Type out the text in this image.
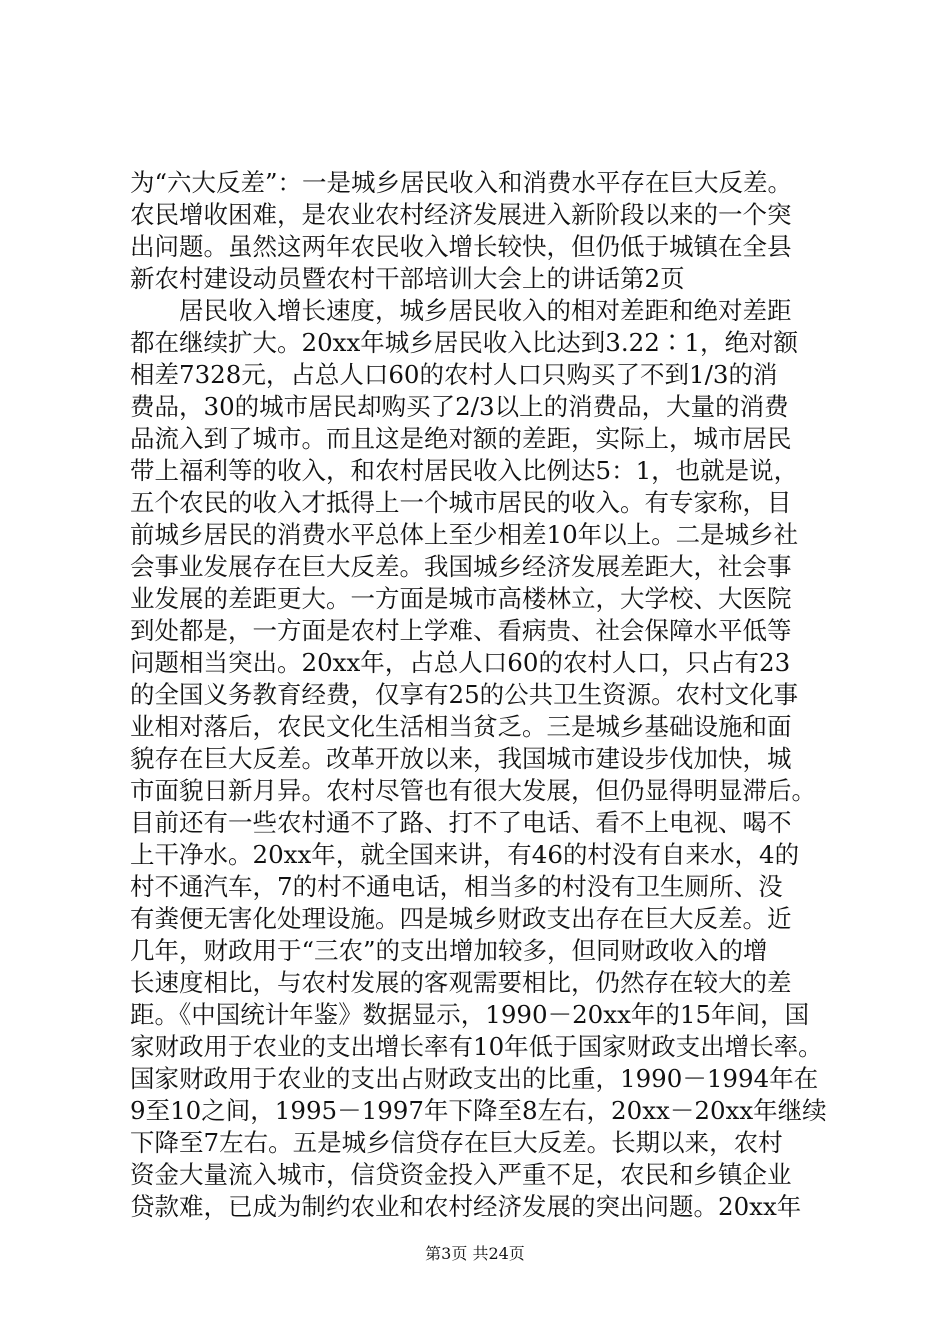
为“六大反差”：一是城乡居民收入和消费水平存在巨大反差。

农民增收困难，是农业农村经济发展进入新阶段以来的一个突

出问题。虽然这两年农民收入增长较快，但仍低于城镇在全县

新农村建设动员暨农村干部培训大会上的讲话第2页

　　居民收入增长速度，城乡居民收入的相对差距和绝对差距

都在继续扩大。20xx年城乡居民收入比达到3.22∶1，绝对额

相差7328元，占总人口60的农村人口只购买了不到1/3的消

费品，30的城市居民却购买了2/3以上的消费品，大量的消费

品流入到了城市。而且这是绝对额的差距，实际上，城市居民

带上福利等的收入，和农村居民收入比例达5：1，也就是说，

五个农民的收入才抵得上一个城市居民的收入。有专家称，目

前城乡居民的消费水平总体上至少相差10年以上。二是城乡社

会事业发展存在巨大反差。我国城乡经济发展差距大，社会事

业发展的差距更大。一方面是城市高楼林立，大学校、大医院

到处都是，一方面是农村上学难、看病贵、社会保障水平低等

问题相当突出。20xx年，占总人口60的农村人口，只占有23

的全国义务教育经费，仅享有25的公共卫生资源。农村文化事

业相对落后，农民文化生活相当贫乏。三是城乡基础设施和面

貌存在巨大反差。改革开放以来，我国城市建设步伐加快，城

市面貌日新月异。农村尽管也有很大发展，但仍显得明显滞后。

目前还有一些农村通不了路、打不了电话、看不上电视、喝不

上干净水。20xx年，就全国来讲，有46的村没有自来水，4的

村不通汽车，7的村不通电话，相当多的村没有卫生厕所、没

有粪便无害化处理设施。四是城乡财政支出存在巨大反差。近

几年，财政用于“三农”的支出增加较多，但同财政收入的增

长速度相比，与农村发展的客观需要相比，仍然存在较大的差

距。《中国统计年鉴》数据显示，1990－20xx年的15年间，国

家财政用于农业的支出增长率有10年低于国家财政支出增长率。

国家财政用于农业的支出占财政支出的比重，1990－1994年在

9至10之间，1995－1997年下降至8左右，20xx－20xx年继续

下降至7左右。五是城乡信贷存在巨大反差。长期以来，农村

资金大量流入城市，信贷资金投入严重不足，农民和乡镇企业

贷款难，已成为制约农业和农村经济发展的突出问题。20xx年

第3页 共24页
